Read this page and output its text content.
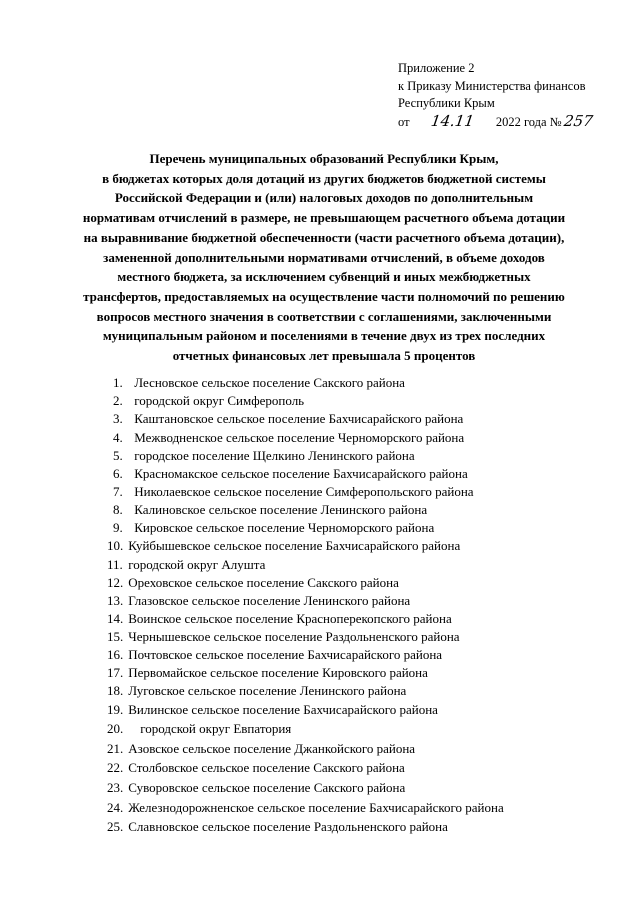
Приложение 2
к Приказу Министерства финансов
Республики Крым
от 14.11 2022 года №257
Перечень муниципальных образований Республики Крым,
в бюджетах которых доля дотаций из других бюджетов бюджетной системы
Российской Федерации и (или) налоговых доходов по дополнительным
нормативам отчислений в размере, не превышающем расчетного объема дотации
на выравнивание бюджетной обеспеченности (части расчетного объема дотации),
замененной дополнительными нормативами отчислений, в объеме доходов
местного бюджета, за исключением субвенций и иных межбюджетных
трансфертов, предоставляемых на осуществление части полномочий по решению
вопросов местного значения в соответствии с соглашениями, заключенными
муниципальным районом и поселениями в течение двух из трех последних
отчетных финансовых лет превышала 5 процентов
1. Лесновское сельское поселение Сакского района
2. городской округ Симферополь
3. Каштановское сельское поселение Бахчисарайского района
4. Межводненское сельское поселение Черноморского района
5. городское поселение Щелкино Ленинского района
6. Красномакское сельское поселение Бахчисарайского района
7. Николаевское сельское поселение Симферопольского района
8. Калиновское сельское поселение Ленинского района
9. Кировское сельское поселение Черноморского района
10. Куйбышевское сельское поселение Бахчисарайского района
11. городской округ Алушта
12. Ореховское сельское поселение Сакского района
13. Глазовское сельское поселение Ленинского района
14. Воинское сельское поселение Красноперекопского района
15. Чернышевское сельское поселение Раздольненского района
16. Почтовское сельское поселение Бахчисарайского района
17. Первомайское сельское поселение Кировского района
18. Луговское сельское поселение Ленинского района
19. Вилинское сельское поселение Бахчисарайского района
20. городской округ Евпатория
21. Азовское сельское поселение Джанкойского района
22. Столбовское сельское поселение Сакского района
23. Суворовское сельское поселение Сакского района
24. Железнодорожненское сельское поселение Бахчисарайского района
25. Славновское сельское поселение Раздольненского района
